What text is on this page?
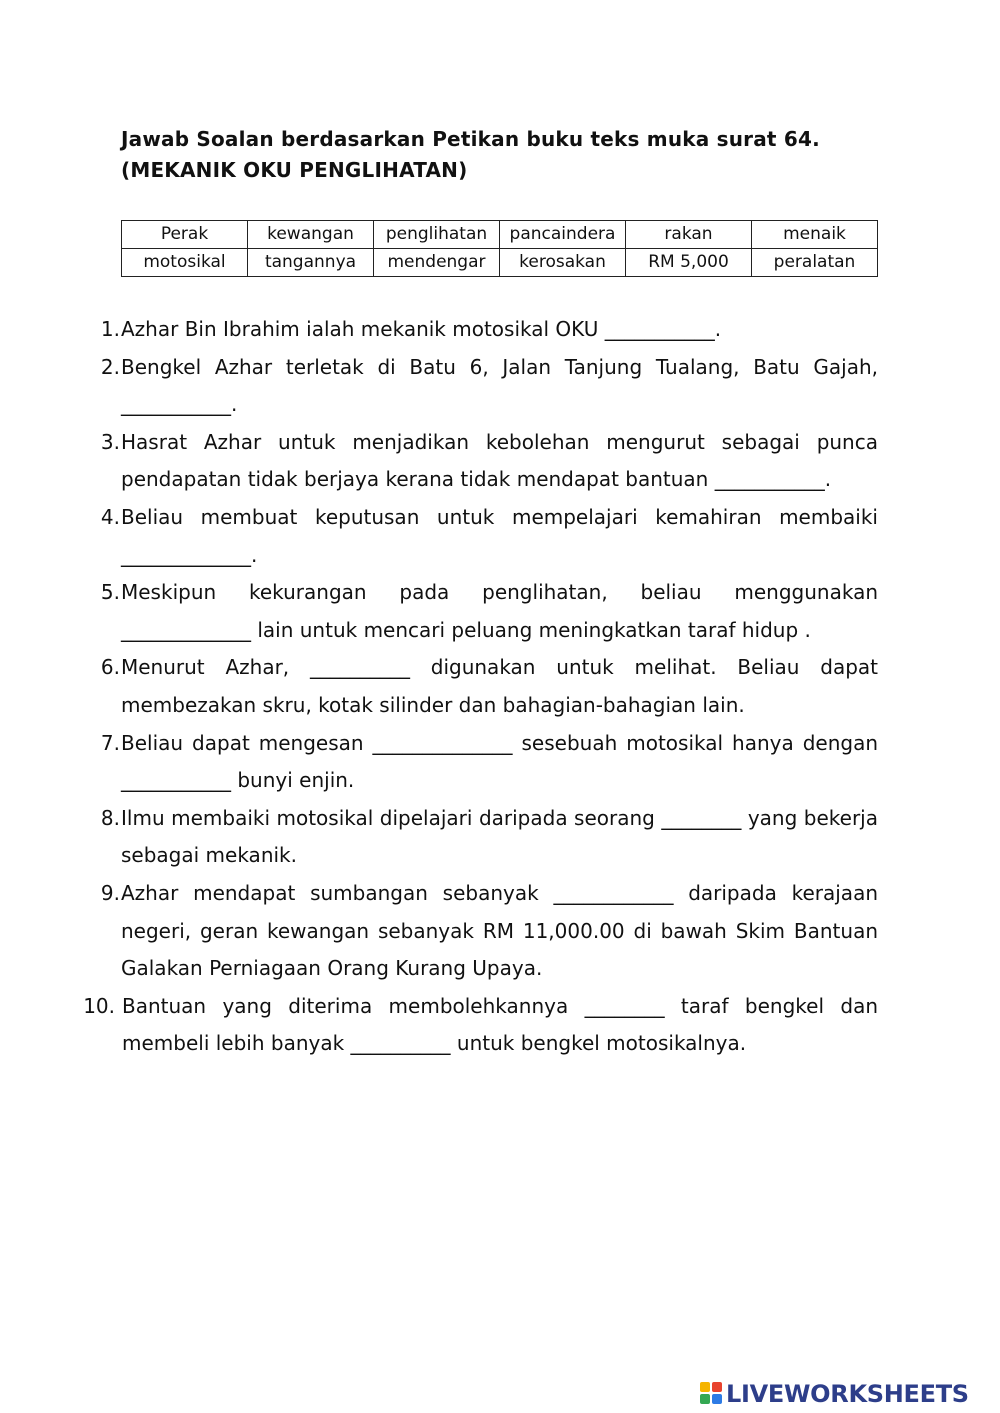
Jawab Soalan berdasarkan Petikan buku teks muka surat 64.
(MEKANIK OKU PENGLIHATAN)
Perak	kewangan	penglihatan	pancaindera	rakan	menaik
motosikal	tangannya	mendengar	kerosakan	RM 5,000	peralatan
1. Azhar Bin Ibrahim ialah mekanik motosikal OKU ___________.
2. Bengkel Azhar terletak di Batu 6, Jalan Tanjung Tualang, Batu Gajah, ___________.
3. Hasrat Azhar untuk menjadikan kebolehan mengurut sebagai punca pendapatan tidak berjaya kerana tidak mendapat bantuan ___________.
4. Beliau membuat keputusan untuk mempelajari kemahiran membaiki _____________.
5. Meskipun kekurangan pada penglihatan, beliau menggunakan _____________ lain untuk mencari peluang meningkatkan taraf hidup .
6. Menurut Azhar, __________ digunakan untuk melihat. Beliau dapat membezakan skru, kotak silinder dan bahagian-bahagian lain.
7. Beliau dapat mengesan ______________ sesebuah motosikal hanya dengan ___________ bunyi enjin.
8. Ilmu membaiki motosikal dipelajari daripada seorang ________ yang bekerja sebagai mekanik.
9. Azhar mendapat sumbangan sebanyak ____________ daripada kerajaan negeri, geran kewangan sebanyak RM 11,000.00 di bawah Skim Bantuan Galakan Perniagaan Orang Kurang Upaya.
10. Bantuan yang diterima membolehkannya ________ taraf bengkel dan membeli lebih banyak __________ untuk bengkel motosikalnya.
LIVEWORKSHEETS
